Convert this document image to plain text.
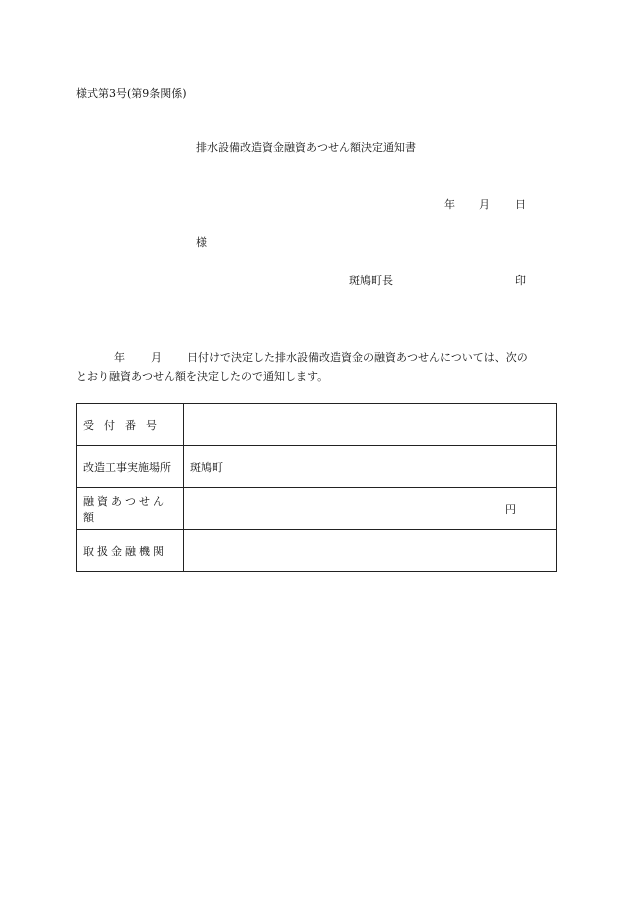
様式第3号(第9条関係)
排水設備改造資金融資あつせん額決定通知書
年 月 日
様
斑鳩町長	印
年 月 日付けで決定した排水設備改造資金の融資あつせんについては、次の
とおり融資あつせん額を決定したので通知します。
受付番号	
改造工事実施場所	斑鳩町
融資あつせん額	円

取扱金融機関	
